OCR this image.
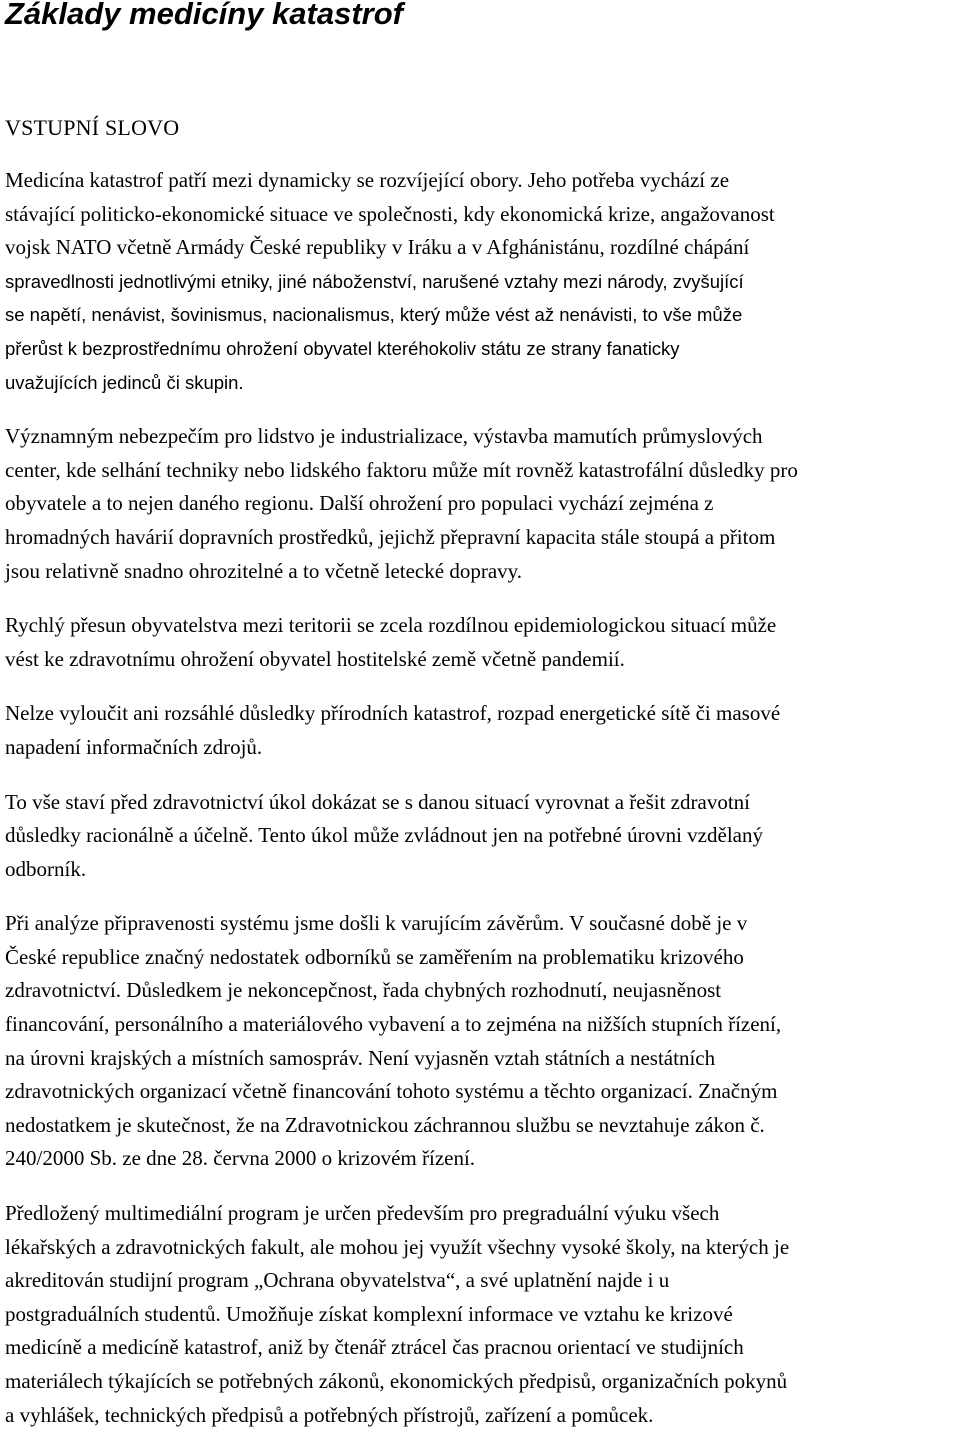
Základy medicíny katastrof
VSTUPNÍ SLOVO

Medicína katastrof patří mezi dynamicky se rozvíjející obory. Jeho potřeba vychází ze
stávající politicko-ekonomické situace ve společnosti, kdy ekonomická krize, angažovanost
vojsk NATO včetně Armády České republiky v Iráku a v Afghánistánu, rozdílné chápání
spravedlnosti jednotlivými etniky, jiné náboženství, narušené vztahy mezi národy, zvyšující
se napětí, nenávist, šovinismus, nacionalismus, který může vést až nenávisti, to vše může
přerůst k bezprostřednímu ohrožení obyvatel kteréhokoliv státu ze strany fanaticky
uvažujících jedinců či skupin.

Významným nebezpečím pro lidstvo je industrializace, výstavba mamutích průmyslových
center, kde selhání techniky nebo lidského faktoru může mít rovněž katastrofální důsledky pro
obyvatele a to nejen daného regionu. Další ohrožení pro populaci vychází zejména z
hromadných havárií dopravních prostředků, jejichž přepravní kapacita stále stoupá a přitom
jsou relativně snadno ohrozitelné a to včetně letecké dopravy.

Rychlý přesun obyvatelstva mezi teritorii se zcela rozdílnou epidemiologickou situací může
vést ke zdravotnímu ohrožení obyvatel hostitelské země včetně pandemií.

Nelze vyloučit ani rozsáhlé důsledky přírodních katastrof, rozpad energetické sítě či masové
napadení informačních zdrojů.

To vše staví před zdravotnictví úkol dokázat se s danou situací vyrovnat a řešit zdravotní
důsledky racionálně a účelně. Tento úkol může zvládnout jen na potřebné úrovni vzdělaný
odborník.

Při analýze připravenosti systému jsme došli k varujícím závěrům. V současné době je v
České republice značný nedostatek odborníků se zaměřením na problematiku krizového
zdravotnictví. Důsledkem je nekoncepčnost, řada chybných rozhodnutí, neujasněnost
financování, personálního a materiálového vybavení a to zejména na nižších stupních řízení,
na úrovni krajských a místních samospráv. Není vyjasněn vztah státních a nestátních
zdravotnických organizací včetně financování tohoto systému a těchto organizací. Značným
nedostatkem je skutečnost, že na Zdravotnickou záchrannou službu se nevztahuje zákon č.
240/2000 Sb. ze dne 28. června 2000 o krizovém řízení.

Předložený multimediální program je určen především pro pregraduální výuku všech
lékařských a zdravotnických fakult, ale mohou jej využít všechny vysoké školy, na kterých je
akreditován studijní program „Ochrana obyvatelstva“, a své uplatnění najde i u
postgraduálních studentů. Umožňuje získat komplexní informace ve vztahu ke krizové
medicíně a medicíně katastrof, aniž by čtenář ztrácel čas pracnou orientací ve studijních
materiálech týkajících se potřebných zákonů, ekonomických předpisů, organizačních pokynů
a vyhlášek, technických předpisů a potřebných přístrojů, zařízení a pomůcek.
